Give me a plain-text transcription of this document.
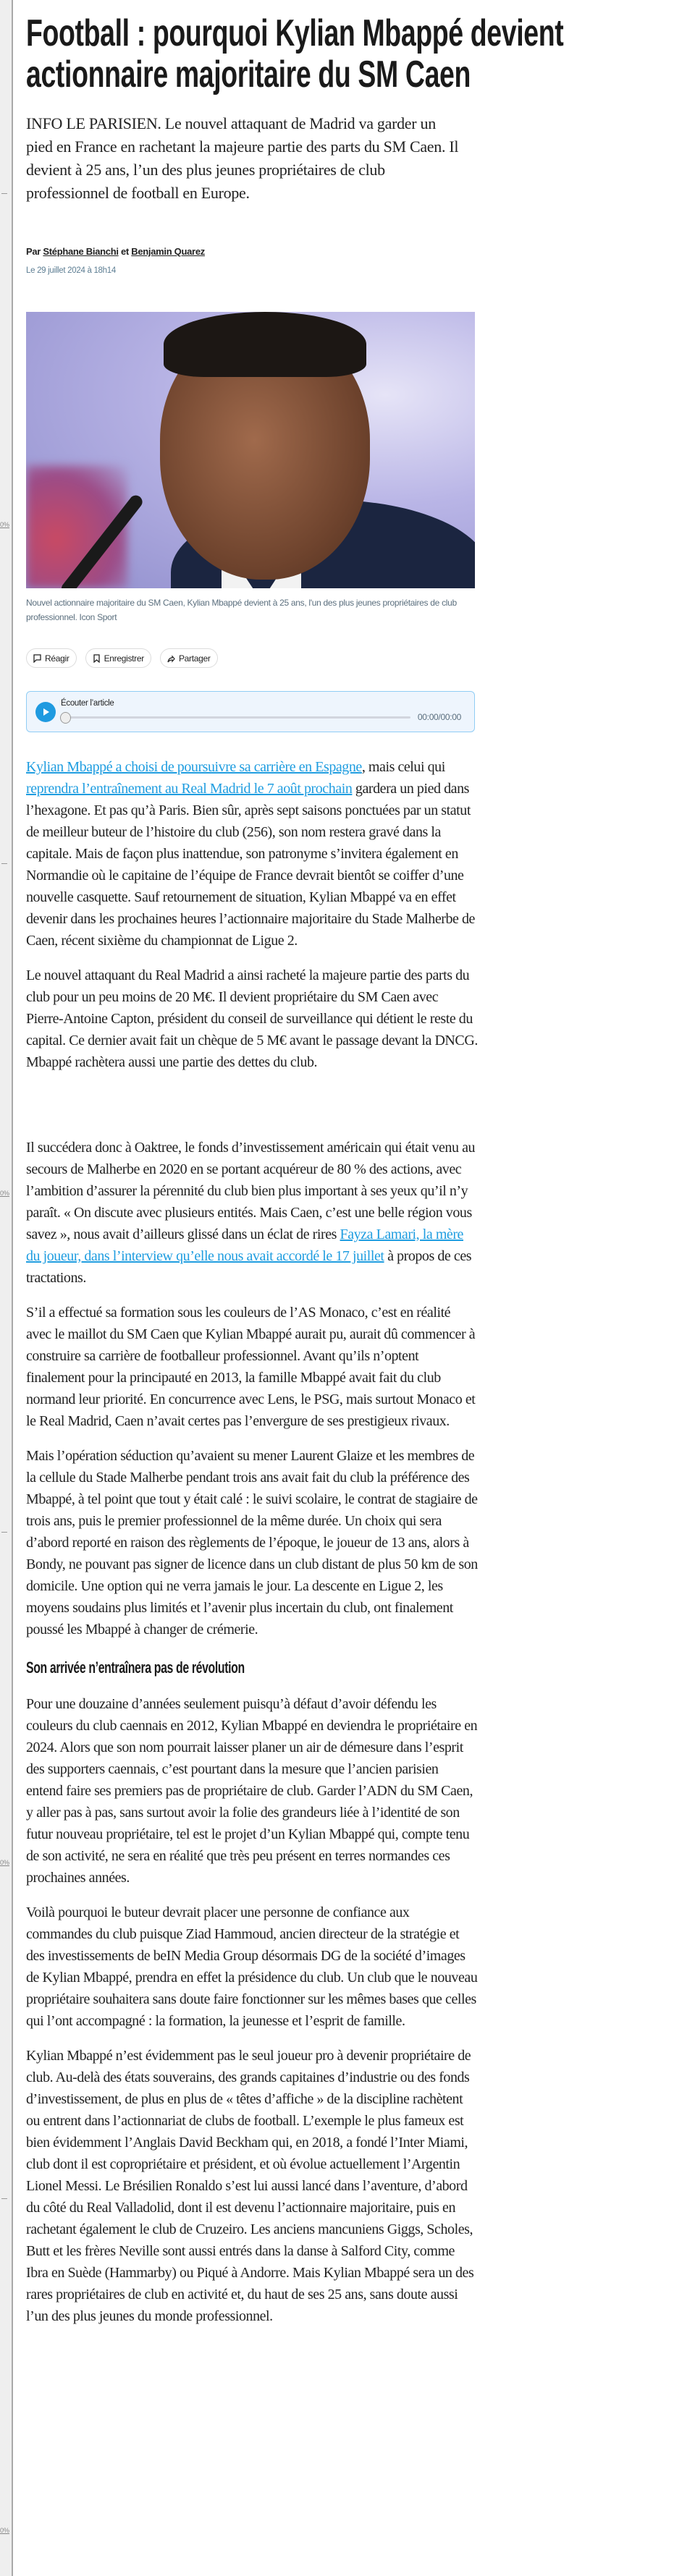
0%
0%
0%
0%
Football : pourquoi Kylian Mbappé devient actionnaire majoritaire du SM Caen

INFO LE PARISIEN. Le nouvel attaquant de Madrid va garder un pied en France en rachetant la majeure partie des parts du SM Caen. Il devient à 25 ans, l’un des plus jeunes propriétaires de club professionnel de football en Europe.

Par Stéphane Bianchi et Benjamin Quarez
Le 29 juillet 2024 à 18h14
Nouvel actionnaire majoritaire du SM Caen, Kylian Mbappé devient à 25 ans, l'un des plus jeunes propriétaires de club professionnel. Icon Sport
Réagir	Enregistrer	Partager
Écouter l’article
00:00/00:00

Kylian Mbappé a choisi de poursuivre sa carrière en Espagne, mais celui qui reprendra l’entraînement au Real Madrid le 7 août prochain gardera un pied dans l’hexagone. Et pas qu’à Paris. Bien sûr, après sept saisons ponctuées par un statut de meilleur buteur de l’histoire du club (256), son nom restera gravé dans la capitale. Mais de façon plus inattendue, son patronyme s’invitera également en Normandie où le capitaine de l’équipe de France devrait bientôt se coiffer d’une nouvelle casquette. Sauf retournement de situation, Kylian Mbappé va en effet devenir dans les prochaines heures l’actionnaire majoritaire du Stade Malherbe de Caen, récent sixième du championnat de Ligue 2.

Le nouvel attaquant du Real Madrid a ainsi racheté la majeure partie des parts du club pour un peu moins de 20 M€. Il devient propriétaire du SM Caen avec Pierre-Antoine Capton, président du conseil de surveillance qui détient le reste du capital. Ce dernier avait fait un chèque de 5 M€ avant le passage devant la DNCG. Mbappé rachètera aussi une partie des dettes du club.

Il succédera donc à Oaktree, le fonds d’investissement américain qui était venu au secours de Malherbe en 2020 en se portant acquéreur de 80 % des actions, avec l’ambition d’assurer la pérennité du club bien plus important à ses yeux qu’il n’y paraît. « On discute avec plusieurs entités. Mais Caen, c’est une belle région vous savez », nous avait d’ailleurs glissé dans un éclat de rires Fayza Lamari, la mère du joueur, dans l’interview qu’elle nous avait accordé le 17 juillet à propos de ces tractations.

S’il a effectué sa formation sous les couleurs de l’AS Monaco, c’est en réalité avec le maillot du SM Caen que Kylian Mbappé aurait pu, aurait dû commencer à construire sa carrière de footballeur professionnel. Avant qu’ils n’optent finalement pour la principauté en 2013, la famille Mbappé avait fait du club normand leur priorité. En concurrence avec Lens, le PSG, mais surtout Monaco et le Real Madrid, Caen n’avait certes pas l’envergure de ses prestigieux rivaux.

Mais l’opération séduction qu’avaient su mener Laurent Glaize et les membres de la cellule du Stade Malherbe pendant trois ans avait fait du club la préférence des Mbappé, à tel point que tout y était calé : le suivi scolaire, le contrat de stagiaire de trois ans, puis le premier professionnel de la même durée. Un choix qui sera d’abord reporté en raison des règlements de l’époque, le joueur de 13 ans, alors à Bondy, ne pouvant pas signer de licence dans un club distant de plus 50 km de son domicile. Une option qui ne verra jamais le jour. La descente en Ligue 2, les moyens soudains plus limités et l’avenir plus incertain du club, ont finalement poussé les Mbappé à changer de crémerie.

Son arrivée n’entraînera pas de révolution

Pour une douzaine d’années seulement puisqu’à défaut d’avoir défendu les couleurs du club caennais en 2012, Kylian Mbappé en deviendra le propriétaire en 2024. Alors que son nom pourrait laisser planer un air de démesure dans l’esprit des supporters caennais, c’est pourtant dans la mesure que l’ancien parisien entend faire ses premiers pas de propriétaire de club. Garder l’ADN du SM Caen, y aller pas à pas, sans surtout avoir la folie des grandeurs liée à l’identité de son futur nouveau propriétaire, tel est le projet d’un Kylian Mbappé qui, compte tenu de son activité, ne sera en réalité que très peu présent en terres normandes ces prochaines années.

Voilà pourquoi le buteur devrait placer une personne de confiance aux commandes du club puisque Ziad Hammoud, ancien directeur de la stratégie et des investissements de beIN Media Group désormais DG de la société d’images de Kylian Mbappé, prendra en effet la présidence du club. Un club que le nouveau propriétaire souhaitera sans doute faire fonctionner sur les mêmes bases que celles qui l’ont accompagné : la formation, la jeunesse et l’esprit de famille.

Kylian Mbappé n’est évidemment pas le seul joueur pro à devenir propriétaire de club. Au-delà des états souverains, des grands capitaines d’industrie ou des fonds d’investissement, de plus en plus de « têtes d’affiche » de la discipline rachètent ou entrent dans l’actionnariat de clubs de football. L’exemple le plus fameux est bien évidemment l’Anglais David Beckham qui, en 2018, a fondé l’Inter Miami, club dont il est copropriétaire et président, et où évolue actuellement l’Argentin Lionel Messi. Le Brésilien Ronaldo s’est lui aussi lancé dans l’aventure, d’abord du côté du Real Valladolid, dont il est devenu l’actionnaire majoritaire, puis en rachetant également le club de Cruzeiro. Les anciens mancuniens Giggs, Scholes, Butt et les frères Neville sont aussi entrés dans la danse à Salford City, comme Ibra en Suède (Hammarby) ou Piqué à Andorre. Mais Kylian Mbappé sera un des rares propriétaires de club en activité et, du haut de ses 25 ans, sans doute aussi l’un des plus jeunes du monde professionnel.
